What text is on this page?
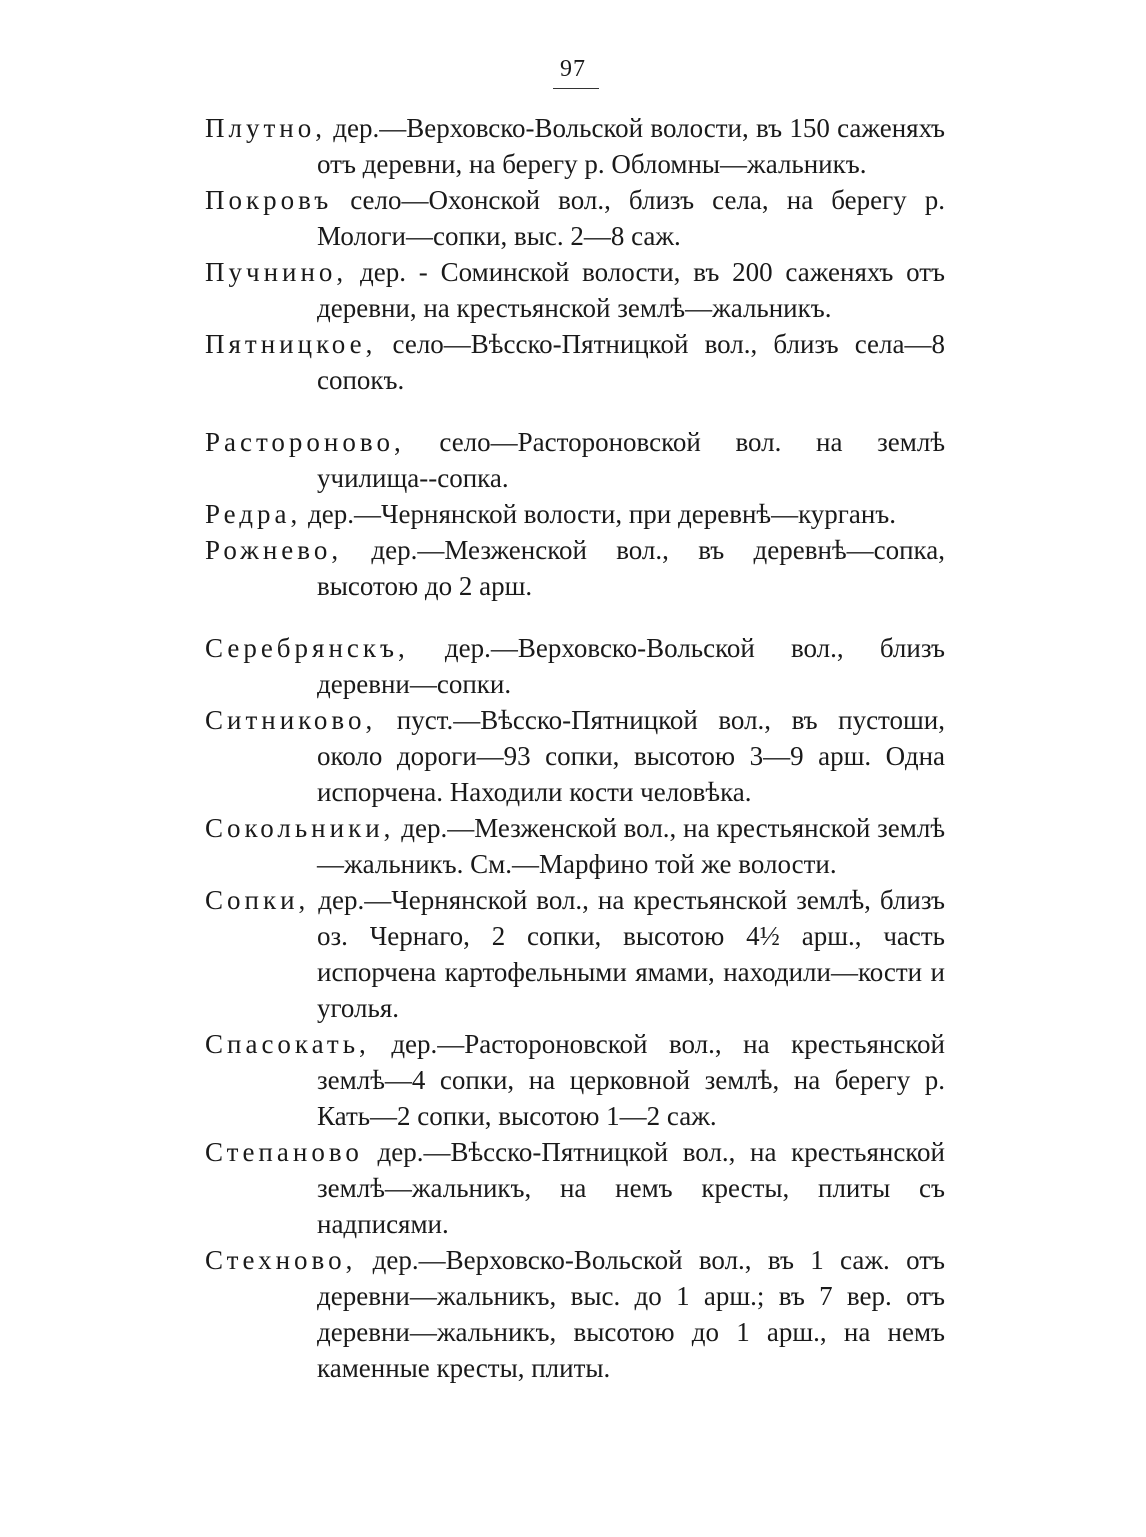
97

Плутно, дер.—Верховско-Вольской волости, въ 150 саженяхъ отъ деревни, на берегу р. Обломны—жальникъ.

Покровъ село—Охонской вол., близъ села, на берегу р. Мологи—сопки, выс. 2—8 саж.

Пучнино, дер. - Соминской волости, въ 200 саженяхъ отъ деревни, на крестьянской землѣ—жальникъ.

Пятницкое, село—Вѣсско-Пятницкой вол., близъ села—8 сопокъ.

Растороново, село—Растороновской вол. на землѣ училища--сопка.

Редра, дер.—Чернянской волости, при деревнѣ—курганъ.

Рожнево, дер.—Мезженской вол., въ деревнѣ—сопка, высотою до 2 арш.

Серебрянскъ, дер.—Верховско-Вольской вол., близъ деревни—сопки.

Ситниково, пуст.—Вѣсско-Пятницкой вол., въ пустоши, около дороги—93 сопки, высотою 3—9 арш. Одна испорчена. Находили кости человѣка.

Сокольники, дер.—Мезженской вол., на крестьянской землѣ—жальникъ. См.—Марфино той же волости.

Сопки, дер.—Чернянской вол., на крестьянской землѣ, близъ оз. Чернаго, 2 сопки, высотою 4½ арш., часть испорчена картофельными ямами, находили—кости и уголья.

Спасокать, дер.—Растороновской вол., на крестьянской землѣ—4 сопки, на церковной землѣ, на берегу р. Кать—2 сопки, высотою 1—2 саж.

Степаново дер.—Вѣсско-Пятницкой вол., на крестьянской землѣ—жальникъ, на немъ кресты, плиты съ надписями.

Стехново, дер.—Верховско-Вольской вол., въ 1 саж. отъ деревни—жальникъ, выс. до 1 арш.; въ 7 вер. отъ деревни—жальникъ, высотою до 1 арш., на немъ каменные кресты, плиты.
